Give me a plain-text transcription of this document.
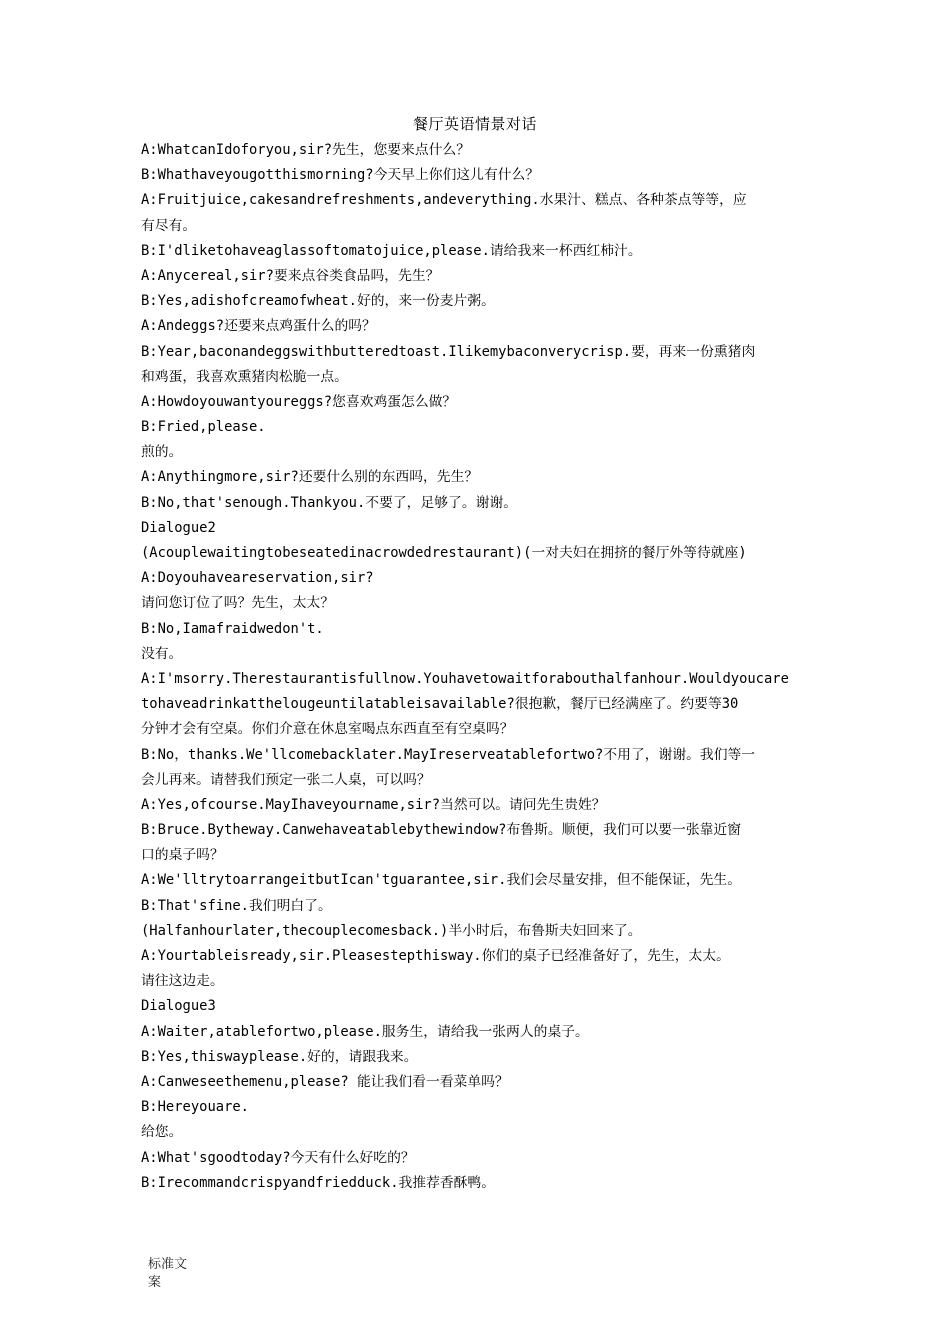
餐厅英语情景对话
A:WhatcanIdoforyou,sir?先生，您要来点什么？
B:Whathaveyougotthismorning?今天早上你们这儿有什么？
A:Fruitjuice,cakesandrefreshments,andeverything.水果汁、糕点、各种茶点等等，应
有尽有。
B:I'dliketohaveaglassoftomatojuice,please.请给我来一杯西红柿汁。
A:Anycereal,sir?要来点谷类食品吗，先生？
B:Yes,adishofcreamofwheat.好的，来一份麦片粥。
A:Andeggs?还要来点鸡蛋什么的吗？
B:Year,baconandeggswithbutteredtoast.Ilikemybaconverycrisp.要，再来一份熏猪肉
和鸡蛋，我喜欢熏猪肉松脆一点。
A:Howdoyouwantyoureggs?您喜欢鸡蛋怎么做？
B:Fried,please.
煎的。
A:Anythingmore,sir?还要什么别的东西吗，先生？
B:No,that'senough.Thankyou.不要了，足够了。谢谢。
Dialogue2
(Acouplewaitingtobeseatedinacrowdedrestaurant)(一对夫妇在拥挤的餐厅外等待就座)
A:Doyouhaveareservation,sir?
请问您订位了吗？先生，太太？
B:No,Iamafraidwedon't.
没有。
A:I'msorry.Therestaurantisfullnow.Youhavetowaitforabouthalfanhour.Wouldyoucare
tohaveadrinkatthelougeuntilatableisavailable?很抱歉，餐厅已经满座了。约要等30
分钟才会有空桌。你们介意在休息室喝点东西直至有空桌吗？
B:No，thanks.We'llcomebacklater.MayIreserveatablefortwo?不用了，谢谢。我们等一
会儿再来。请替我们预定一张二人桌，可以吗？
A:Yes,ofcourse.MayIhaveyourname,sir?当然可以。请问先生贵姓？
B:Bruce.Bytheway.Canwehaveatablebythewindow?布鲁斯。顺便，我们可以要一张靠近窗
口的桌子吗？
A:We'lltrytoarrangeitbutIcan'tguarantee,sir.我们会尽量安排，但不能保证，先生。
B:That'sfine.我们明白了。
(Halfanhourlater,thecouplecomesback.)半小时后，布鲁斯夫妇回来了。
A:Yourtableisready,sir.Pleasestepthisway.你们的桌子已经准备好了，先生，太太。
请往这边走。
Dialogue3
A:Waiter,atablefortwo,please.服务生，请给我一张两人的桌子。
B:Yes,thiswayplease.好的，请跟我来。
A:Canweseethemenu,please? 能让我们看一看菜单吗？
B:Hereyouare.
给您。
A:What'sgoodtoday?今天有什么好吃的？
B:Irecommandcrispyandfriedduck.我推荐香酥鸭。
标准文
案
